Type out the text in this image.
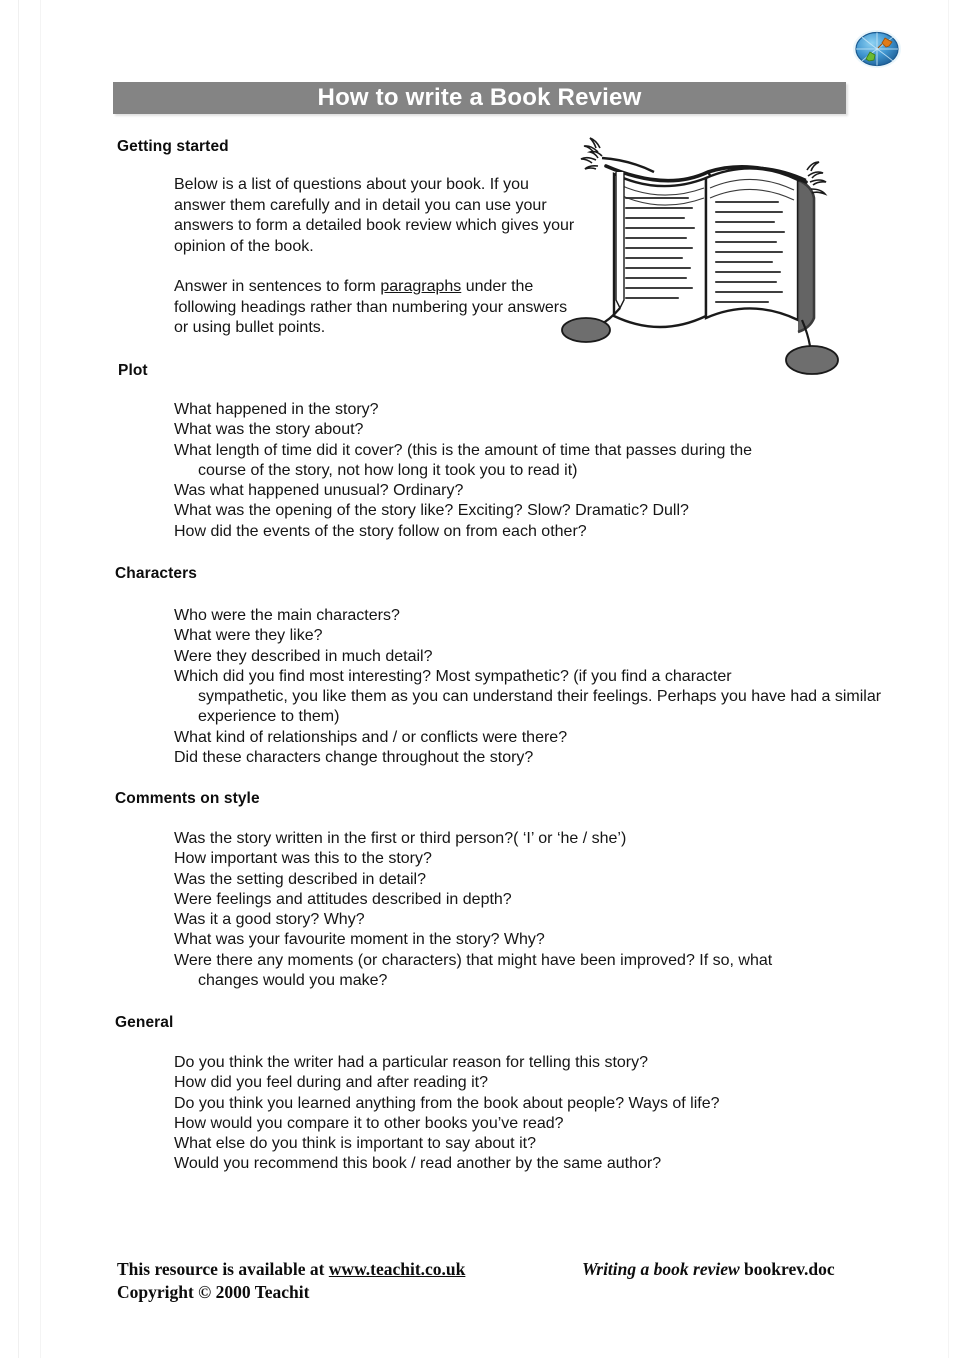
How to write a Book Review
Getting started
Below is a list of questions about your book. If you answer them carefully and in detail you can use your answers to form a detailed book review which gives your opinion of the book.
Answer in sentences to form paragraphs under the following headings rather than numbering your answers or using bullet points.
Plot
What happened in the story?
What was the story about?
What length of time did it cover? (this is the amount of time that passes during the
course of the story, not how long it took you to read it)
Was what happened unusual? Ordinary?
What was the opening of the story like? Exciting? Slow? Dramatic? Dull?
How did the events of the story follow on from each other?
Characters
Who were the main characters?
What were they like?
Were they described in much detail?
Which did you find most interesting? Most sympathetic? (if you find a character
sympathetic, you like them as you can understand their feelings. Perhaps you have had a similar experience to them)
What kind of relationships and / or conflicts were there?
Did these characters change throughout the story?
Comments on style
Was the story written in the first or third person?( ‘I’ or ‘he / she’)
How important was this to the story?
Was the setting described in detail?
Were feelings and attitudes described in depth?
Was it a good story? Why?
What was your favourite moment in the story? Why?
Were there any moments (or characters) that might have been improved? If so, what
changes would you make?
General
Do you think the writer had a particular reason for telling this story?
How did you feel during and after reading it?
Do you think you learned anything from the book about people? Ways of life?
How would you compare it to other books you’ve read?
What else do you think is important to say about it?
Would you recommend this book / read another by the same author?
This resource is available at www.teachit.co.uk
Copyright © 2000 Teachit
Writing a book review bookrev.doc
